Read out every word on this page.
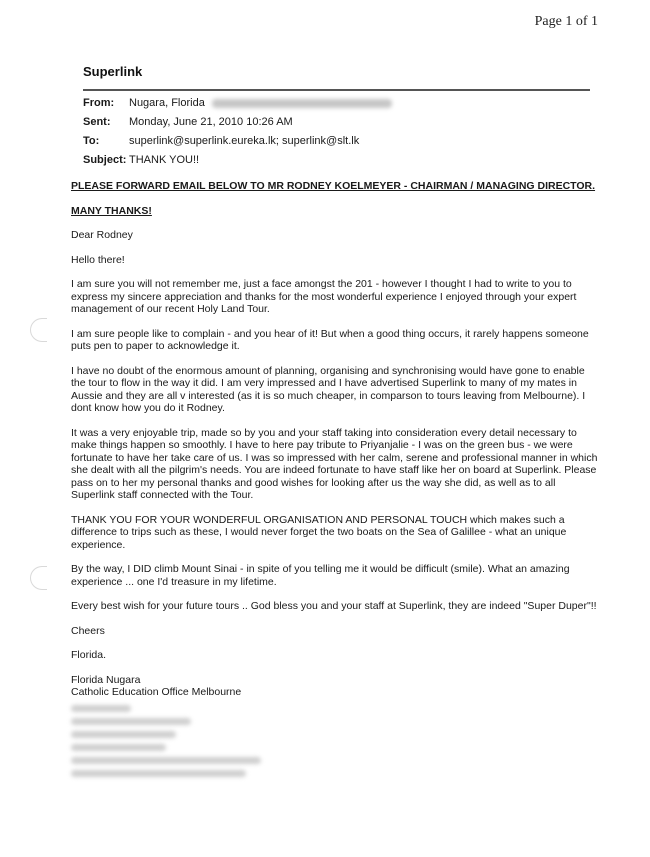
Page 1 of 1
Superlink
From: Nugara, Florida
Sent: Monday, June 21, 2010 10:26 AM
To:	superlink@superlink.eureka.lk; superlink@slt.lk
Subject: THANK YOU!!

PLEASE FORWARD EMAIL BELOW TO MR RODNEY KOELMEYER - CHAIRMAN / MANAGING DIRECTOR.

MANY THANKS!

Dear Rodney

Hello there!

I am sure you will not remember me, just a face amongst the 201 - however I thought I had to write to you to express my sincere appreciation and thanks for the most wonderful experience I enjoyed through your expert management of our recent Holy Land Tour.

I am sure people like to complain - and you hear of it! But when a good thing occurs, it rarely happens someone puts pen to paper to acknowledge it.

I have no doubt of the enormous amount of planning, organising and synchronising would have gone to enable the tour to flow in the way it did. I am very impressed and I have advertised Superlink to many of my mates in Aussie and they are all v interested (as it is so much cheaper, in comparson to tours leaving from Melbourne). I dont know how you do it Rodney.

It was a very enjoyable trip, made so by you and your staff taking into consideration every detail necessary to make things happen so smoothly. I have to here pay tribute to Priyanjalie - I was on the green bus - we were fortunate to have her take care of us. I was so impressed with her calm, serene and professional manner in which she dealt with all the pilgrim's needs. You are indeed fortunate to have staff like her on board at Superlink. Please pass on to her my personal thanks and good wishes for looking after us the way she did, as well as to all Superlink staff connected with the Tour.

THANK YOU FOR YOUR WONDERFUL ORGANISATION AND PERSONAL TOUCH which makes such a difference to trips such as these, I would never forget the two boats on the Sea of Galillee - what an unique experience.

By the way, I DID climb Mount Sinai - in spite of you telling me it would be difficult (smile). What an amazing experience ... one I'd treasure in my lifetime.

Every best wish for your future tours .. God bless you and your staff at Superlink, they are indeed "Super Duper"!!

Cheers

Florida.

Florida Nugara
Catholic Education Office Melbourne
